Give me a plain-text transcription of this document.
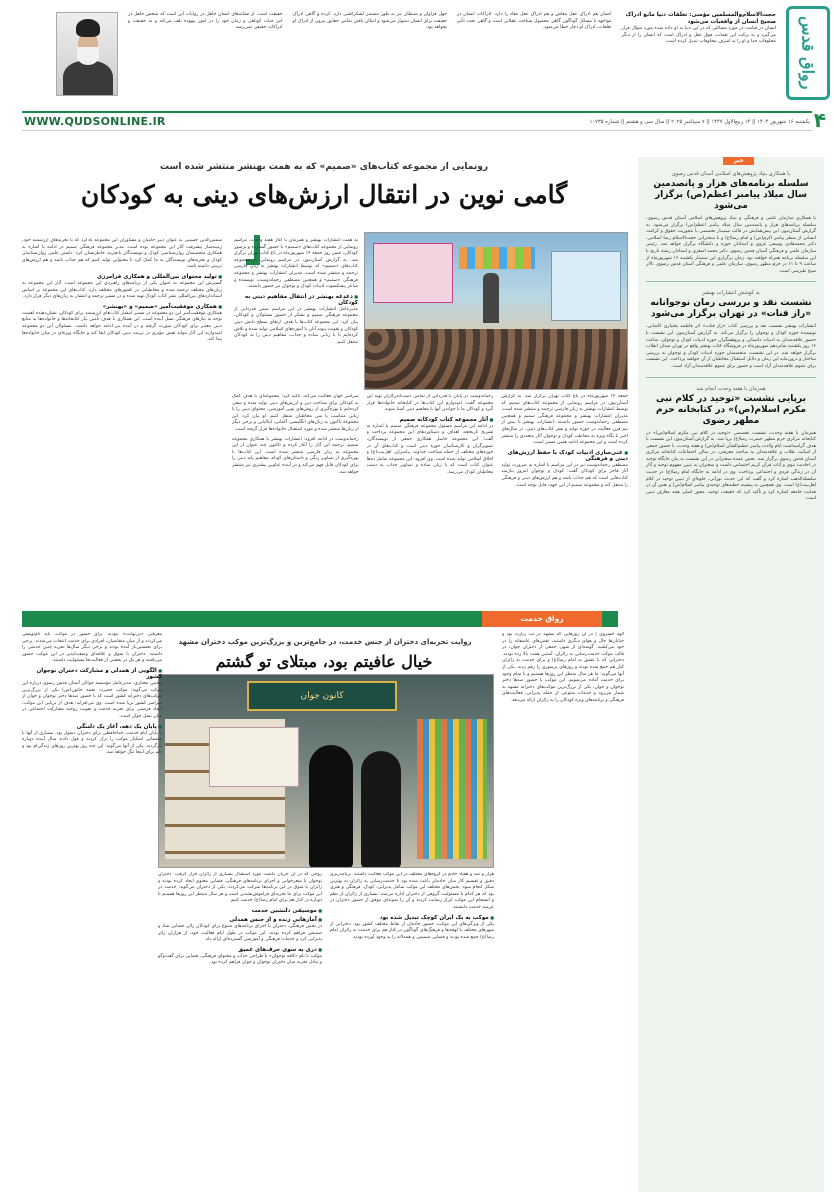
رواق قدس
حجت‌الاسلام‌والمسلمین مؤمنی: تعلقات دنیا مانع ادراک صحیح انسان از واقعیات می‌شود
انسان در قیامت در مورد مسائلی که در این دنیا به او داده شده مورد سؤال قرار می‌گیرد و به برکت این نعمات، فوق عقل و ادراک است که انسان را از دیگر مخلوقات جدا و او را به اشرف مخلوقات تبدیل کرده است.
انسان هم ادراکِ عقل معاش و هم ادراکِ عقل معاد را دارد. ادراکات انسان در مواجهه با مسائل گوناگون گاهی محصول شناخت عقلانی است و گاهی تحت تأثیر تعلقات، ادراک او دچار خطا می‌شود.
جهل فراوان و شیطان نیز به طور مستمر لشکرکشی دارد. کرده و گاهی ادراک حقیقت برای انسان دشوار می‌شود و امکان یافتن تمامی حقایق بیرون از ادراک او نخواهد بود.
حقیقت است. از نشانه‌های انسان جاهل در روایات این است که شخص جاهل در امر حیات کوتاهی و زمان خود را در امور بیهوده تلف می‌کند و به حقیقت و ادراکات حقیقی نمی‌رسد.
۴
WWW.QUDSONLINE.IR	یکشنبه ۱۶ شهریور ۱۴۰۴ || ۱۴ ربیع‌الاول ۱۴۴۷ || ۷ سپتامبر ۲۰۲۵ || سال سی و هشتم || شماره ۱۰۷۳۵
خبر
با همکاری بنیاد پژوهش‌های اسلامی آستان قدس رضوی
سلسله برنامه‌های هزار و پانصدمین سال میلاد پیامبر اعظم(ص) برگزار می‌شود
با همکاری سازمان علمی و فرهنگی و بنیاد پژوهش‌های اسلامی آستان قدس رضوی، سلسله برنامه‌های هزار و پانصدمین سال میلاد پیامبر اعظم(ص) برگزار می‌شود. به گزارش آستان‌نیوز، این پیش‌همایش در قالب سمینار تخصصی با محوریت حقوق و کرامت انسانی از منظر پیامبر اکرم(ص) و امام رضا(ع) و با سخنرانی حجت‌الاسلام رضا اسلامی، دکتر محمدهادی یوسفی غروی و استادان حوزه و دانشگاه برگزار خواهد شد. رئیس سازمان علمی و فرهنگی آستان قدس رضوی، دکتر محمد اصغری و استادان رشته تاریخ با این سلسله برنامه همراه خواهند بود. زمان برگزاری این سمینار یکشنبه ۱۶ شهریورماه از ساعت ۹ تا ۱۱ در حرم مطهر رضوی، سازمان علمی و فرهنگی آستان قدس رضوی، تالار شیخ طبرسی است.
به کوشش انتشارات بهنشر
نشست نقد و بررسی رمان نوجوانانه «راز قنات» در تهران برگزار می‌شود
انتشارات بهنشر نشست نقد و بررسی کتاب «راز قنات» اثر فاطمه بختیاری کاشانی، نویسنده حوزه کودک و نوجوان را برگزار می‌کند. به گزارش آستان‌نیوز، این نشست با حضور علاقه‌مندان به ادبیات داستانی و پژوهشگران حوزه ادبیات کودک و نوجوان، ساعت ۱۶ روز یکشنبه شانزدهم شهریورماه در فروشگاه کتاب بهنشر واقع در تهران میدان انقلاب برگزار خواهد شد. در این نشست، متخصصان حوزه ادبیات کودک و نوجوان به بررسی ساختار و درون‌مایه این رمان و دلایل استقبال مخاطبان از آن خواهند پرداخت. این نشست برای عموم علاقه‌مندان آزاد است و حضور برای عموم علاقه‌مندان آزاد است.
همزمان با هفته وحدت انجام شد
برپایی نشست «توحید در کلام نبی مکرم اسلام(ص)» در کتابخانه حرم مطهر رضوی
همزمان با هفته وحدت، نشست تخصصی «توحید در کلام نبی مکرم اسلام(ص)» در کتابخانه مرکزی حرم مطهر حضرت رضا(ع) برپا شد. به گزارش آستان‌نیوز، این نشست با هدف گرامیداشت ایام ولادت پیامبر عظیم‌الشأن اسلام(ص) و هفته وحدت، با حضور جمعی از اساتید، طلاب و علاقه‌مندان به مباحث معرفتی، در سالن اجتماعات کتابخانه مرکزی آستان قدس رضوی برگزار شد. بخش عمده سخنرانی در این نشست به بیان جایگاه توحید در احادیث نبوی و آیات قرآن کریم اختصاص داشت و سخنران به تبیین مفهوم توحید و آثار آن در زندگی فردی و اجتماعی پرداخت. وی در ادامه به جایگاه امام رضا(ع) در حدیث سلسلة‌الذهب اشاره کرد و گفت که این حدیث نورانی، جلوه‌ای از تبیین توحید در کلام اهل‌بیت(ع) است. وی همچنین به پیشینه خطبه‌های توحیدی پیامبر اسلام(ص) و نقش آن در هدایت جامعه اشاره کرد و تأکید کرد که حقیقت توحید، محور اصلی همه معارف دینی است.
رونمایی از مجموعه کتاب‌های «صمیم» که به همت بهنشر منتشر شده است
گامی نوین در انتقال ارزش‌های دینی به کودکان
به همت انتشارات بهنشر و همزمان با آغاز هفته وحدت، مراسم رونمایی از مجموعه کتاب‌های «صمیم» با حضور گسترده و پرشور کودکان، عصر روز جمعه ۱۴ شهریورماه در باغ کتاب تهران برگزار شد. به گزارش آستان‌نیوز، در مراسم رونمایی از مجموعه کتاب‌های «صمیم» که توسط انتشارات بهنشر به زبان فارسی ترجمه و منتشر شده است، مدیران انتشارات بهنشر و مجموعه فرهنگی «صمیم» و همچنین مصطفی رحماندوست، نویسنده و شاعر پیشکسوت ادبیات کودک و نوجوان نیز حضور داشتند.
■ دغدغه بهنشر در انتقال مفاهیم دینی به کودکان
مدیرعامل انتشارات بهنشر در این مراسم ضمن قدردانی از مجموعه فرهنگی صمیم و تشکر از حضور مسئولان و کودکان، بیان کرد: این مجموعه کتاب‌ها با هدف ارتقای سطح دانش دینی کودکان و تقویت پیوند آنان با آموزه‌های اسلامی تولید شده و تلاش کرده‌ایم تا با زبانی ساده و جذاب، مفاهیم دینی را به کودکان منتقل کنیم.
جمعه ۱۴ شهریورماه در باغ کتاب تهران برگزار شد. به گزارش آستان‌نیوز، در مراسم رونمایی از مجموعه کتاب‌های صمیم که توسط انتشارات بهنشر به زبان فارسی ترجمه و منتشر شده است، مدیران انتشارات بهنشر و مجموعه فرهنگی صمیم و همچنین مصطفی رحماندوست حضور داشتند. انتشارات بهنشر با بیش از نیم قرن فعالیت در حوزه تولید و نشر کتاب‌های دینی، در سال‌های اخیر با نگاه ویژه به مخاطب کودک و نوجوان آثار متعددی را منتشر کرده است و این مجموعه ادامه همین مسیر است.
■ غنی‌سازی ادبیات کودک با حفظ ارزش‌های دینی و فرهنگی
مصطفی رحماندوست نیز در این مراسم با اشاره به ضرورت تولید آثار فاخر برای کودکان گفت: کودک و نوجوان امروز نیازمند کتاب‌هایی است که هم جذاب باشد و هم ارزش‌های دینی و فرهنگی را منتقل کند و مجموعه صمیم از این جهت قابل توجه است.
رحماندوست در پایان با قدردانی از تمامی دست‌اندرکاران تهیه این مجموعه گفت: امیدوارم این کتاب‌ها در کتابخانه خانواده‌ها قرار گیرد و کودکان ما با خواندن آنها با مفاهیم دینی آشنا شوند.
■ آثار مجموعه کتاب کودکانه صمیم
در ادامه این مراسم مسئول مجموعه فرهنگی صمیم با اشاره به تشریح تاریخچه، اهداف و دستاوردهای این مجموعه پرداخت و گفت: این مجموعه حاصل همکاری جمعی از نویسندگان، تصویرگران و کارشناسان حوزه دینی است و کتاب‌های آن در حوزه‌های مختلف از جمله شناخت خداوند، پیامبران، اهل‌بیت(ع) و اخلاق اسلامی تولید شده است. وی افزود: این مجموعه شامل ده‌ها عنوان کتاب است که با زبان ساده و تصاویر جذاب به دست مخاطبان کودک می‌رسد.
سراسر جهان فعالیت می‌کند، تأکید کرد: مجموعه‌ای با هدف کمک به کودکان برای شناخت دین و ارزش‌های دینی تولید شده و سعی کرده‌ایم با بهره‌گیری از روش‌های نوین آموزشی، محتوای دینی را با زبانی متناسب با سن مخاطبان منتقل کنیم. او بیان کرد: این مجموعه تاکنون به زبان‌های انگلیسی، آلمانی، ایتالیایی و برخی دیگر از زبان‌ها منتشر شده و مورد استقبال خانواده‌ها قرار گرفته است.
رحماندوست در ادامه افزود: انتشارات بهنشر با همکاری مجموعه صمیم، ترجمه این آثار را آغاز کرده و تاکنون چند عنوان از این مجموعه به زبان فارسی منتشر شده است. این کتاب‌ها با بهره‌گیری از تصاویر رنگی و داستان‌های کوتاه، مفاهیم پایه دینی را برای کودکان قابل فهم می‌کند و در آینده عناوین بیشتری نیز منتشر خواهد شد.
شمس‌الدین حسینی به عنوان دبیر حامیان و مشاوران این مجموعه یادکرد که با تجربه‌های ارزشمند خود، زمینه‌ساز پیشرفت آثار این مجموعه بوده است. مدیر مجموعه فرهنگی صمیم در ادامه با اشاره به همکاری متخصصان روان‌شناسی کودک و نویسندگان باتجربه، خاطرنشان کرد: داشتن علمی روان‌شناسان کودک و تجربه‌های نویسندگان به ما کمک کرد تا محتوایی تولید کنیم که هم جذاب باشد و هم ارزش‌های تربیتی داشته باشد.
■ تولید محتوای بین‌المللی و همکاری فرامرزی
گسترش این مجموعه به عنوان یکی از برنامه‌های راهبردی این مجموعه است. آثار این مجموعه به زبان‌های مختلف ترجمه شده و مخاطبانی در کشورهای مختلف دارد. کتاب‌های این مجموعه بر اساس استانداردهای بین‌المللی نشر کتاب کودک تهیه شده و در مسیر ترجمه و انتشار به زبان‌های دیگر قرار دارد.
■ همکاری موفقیت‌آمیز «صمیم» و «بهنشر»
همکاری موفقیت‌آمیز این دو مجموعه در مسیر انتشار کتاب‌های ارزشمند برای کودکان، نشان‌دهنده اهمیت توجه به نیازهای فرهنگی نسل آینده است. این همکاری با هدف تأمین نیاز کتابخانه‌ها و خانواده‌ها به منابع دینی معتبر برای کودکان صورت گرفته و در آینده نیز ادامه خواهد داشت. مسئولان این دو مجموعه امیدوارند این آثار بتواند نقش مؤثری در تربیت دینی کودکان ایفا کند و جایگاه ویژه‌ای در میان خانواده‌ها پیدا کند.
رواق خدمت
الهه خسروی | در آن روزهایی که مشهد در تب زیارت بود و خیابان‌ها حال و هوای دیگری داشتند، نفس‌های عاشقانه را در خود می‌کشید. گوشه‌ای از شهر، جمعی از دختران جوان، در قالب موکب خدمت‌رسانی به زائران، آستین همت بالا زده بودند. دخترانی که با عشق به امام رضا(ع) و برای خدمت به زائران کنار هم جمع شده بودند و روزهای پرشوری را رقم زدند. یکی از آنها می‌گوید: ما هر سال منتظر این روزها هستیم و با تمام وجود برای خدمت آماده می‌شویم. این موکب با حضور صدها دختر نوجوان و جوان، یکی از بزرگ‌ترین موکب‌های دخترانه مشهد به شمار می‌رود و خدمات متنوعی از جمله پذیرایی، فعالیت‌های فرهنگی و برنامه‌های ویژه کودکان را به زائران ارائه می‌دهد.
روایت تجربه‌ای دختران از جنس خدمت، در جامع‌ترین و بزرگ‌ترین موکب دختران مشهد
خیال عافیتم بود، مبتلای تو گشتم
کانون جوان
هزار و صد و هفتاد خادم در گروه‌های مختلف در این موکب فعالیت داشتند. برنامه‌ریزی دقیق و تقسیم کار میان خادمان باعث شده بود تا خدمت‌رسانی به زائران به بهترین شکل انجام شود. بخش‌های مختلف این موکب شامل پذیرایی، کودک، فرهنگی و هنری بود که هر کدام با مسئولیت گروهی از دختران اداره می‌شد. بسیاری از زائران از نظم و انسجام این موکب ابراز رضایت کردند و آن را نمونه‌ای موفق از حضور دختران در عرصه خدمت دانستند.
■ موکب به یک ایران کوچک تبدیل شده بود
یکی از ویژگی‌های این موکب، حضور خادمان از نقاط مختلف کشور بود. دخترانی از شهرهای مختلف با لهجه‌ها و فرهنگ‌های گوناگون در کنار هم برای خدمت به زائران امام رضا(ع) جمع شده بودند و فضایی صمیمی و همدلانه را به وجود آورده بودند.
روحی که در آن جریان داشت مورد استقبال بسیاری از زائران قرار گرفت. دختران نوجوان با شعرخوانی و اجرای برنامه‌های فرهنگی، فضایی معنوی ایجاد کرده بودند و زائران با شوق در این برنامه‌ها شرکت می‌کردند. یکی از دختران می‌گوید: خدمت در این موکب برای ما تجربه‌ای فراموش‌نشدنی است و هر سال منتظر این روزها هستیم تا دوباره در کنار هم برای امام رضا(ع) خدمت کنیم.
■ موسیقی دلنشین خدمت
■ آمارهایی زنده و از جنس همدلی
در بخش فرهنگی، دختران با اجرای برنامه‌های متنوع برای کودکان زائر، فضایی شاد و صمیمی فراهم کرده بودند. این موکب در طول ایام فعالیت خود، از هزاران زائر پذیرایی کرد و خدمات فرهنگی و آموزشی گسترده‌ای ارائه داد.
■ دری به سوی حرف‌های عمیق
موکب با نام «کافه نوجوان» با طراحی جذاب و محتوای فرهنگی، فضایی برای گفت‌وگو و تبادل تجربه میان دختران نوجوان و جوان فراهم کرده بود.
معرفتی «بی‌نهایت» نبودند. برای حضور در موکب، باید نام‌نویسی می‌کردند و از میان متقاضیان، افرادی برای خدمت انتخاب می‌شدند. برخی برای نخستین‌بار آمده بودند و برخی دیگر سال‌ها تجربه چنین خدمتی را داشتند. دختران با شوق و علاقه‌ای وصف‌ناپذیر در این موکب حضور می‌یافتند و هر یک در بخشی از فعالیت‌ها مسئولیت داشتند.
■ الگویی از همدلی و مشارکت دختران نوجوان کشور
مجتبی مختاری، مدیرعامل مؤسسه جوانان آستان قدس رضوی درباره این موکب می‌گوید: موکب حضرت نجمه خاتون(س) یکی از بزرگ‌ترین موکب‌های دخترانه کشور است که با حضور صدها دختر نوجوان و جوان از سراسر کشور برپا شده است. وی می‌افزاید: هدف از برپایی این موکب، ایجاد فرصتی برای تجربه خدمت و تقویت روحیه مشارکت اجتماعی در میان نسل جوان است.
■ پایان یک دهه، آغاز یک دلتنگی
با پایان ایام خدمت، خداحافظی برای دختران دشوار بود. بسیاری از آنها با چشمانی اشکبار موکب را ترک کردند و قول دادند سال آینده دوباره بازگردند. یکی از آنها می‌گوید: این چند روز بهترین روزهای زندگی‌ام بود و دلم برای اینجا تنگ خواهد شد.
